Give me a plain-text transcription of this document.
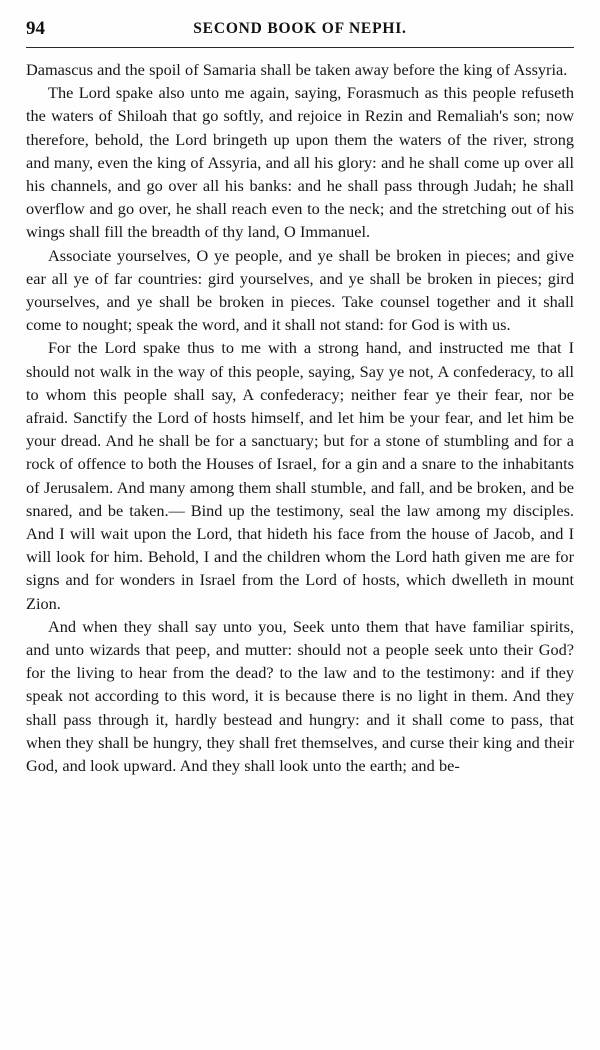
94	SECOND BOOK OF NEPHI.

Damascus and the spoil of Samaria shall be taken away before the king of Assyria.

The Lord spake also unto me again, saying, Forasmuch as this people refuseth the waters of Shiloah that go softly, and rejoice in Rezin and Remaliah's son; now therefore, behold, the Lord bringeth up upon them the waters of the river, strong and many, even the king of Assyria, and all his glory: and he shall come up over all his channels, and go over all his banks: and he shall pass through Judah; he shall overflow and go over, he shall reach even to the neck; and the stretching out of his wings shall fill the breadth of thy land, O Immanuel.

Associate yourselves, O ye people, and ye shall be broken in pieces; and give ear all ye of far countries: gird yourselves, and ye shall be broken in pieces; gird yourselves, and ye shall be broken in pieces. Take counsel together and it shall come to nought; speak the word, and it shall not stand: for God is with us.

For the Lord spake thus to me with a strong hand, and instructed me that I should not walk in the way of this people, saying, Say ye not, A confederacy, to all to whom this people shall say, A confederacy; neither fear ye their fear, nor be afraid. Sanctify the Lord of hosts himself, and let him be your fear, and let him be your dread. And he shall be for a sanctuary; but for a stone of stumbling and for a rock of offence to both the Houses of Israel, for a gin and a snare to the inhabitants of Jerusalem. And many among them shall stumble, and fall, and be broken, and be snared, and be taken.— Bind up the testimony, seal the law among my disciples. And I will wait upon the Lord, that hideth his face from the house of Jacob, and I will look for him. Behold, I and the children whom the Lord hath given me are for signs and for wonders in Israel from the Lord of hosts, which dwelleth in mount Zion.

And when they shall say unto you, Seek unto them that have familiar spirits, and unto wizards that peep, and mutter: should not a people seek unto their God? for the living to hear from the dead? to the law and to the testimony: and if they speak not according to this word, it is because there is no light in them. And they shall pass through it, hardly bestead and hungry: and it shall come to pass, that when they shall be hungry, they shall fret themselves, and curse their king and their God, and look upward. And they shall look unto the earth; and be-
